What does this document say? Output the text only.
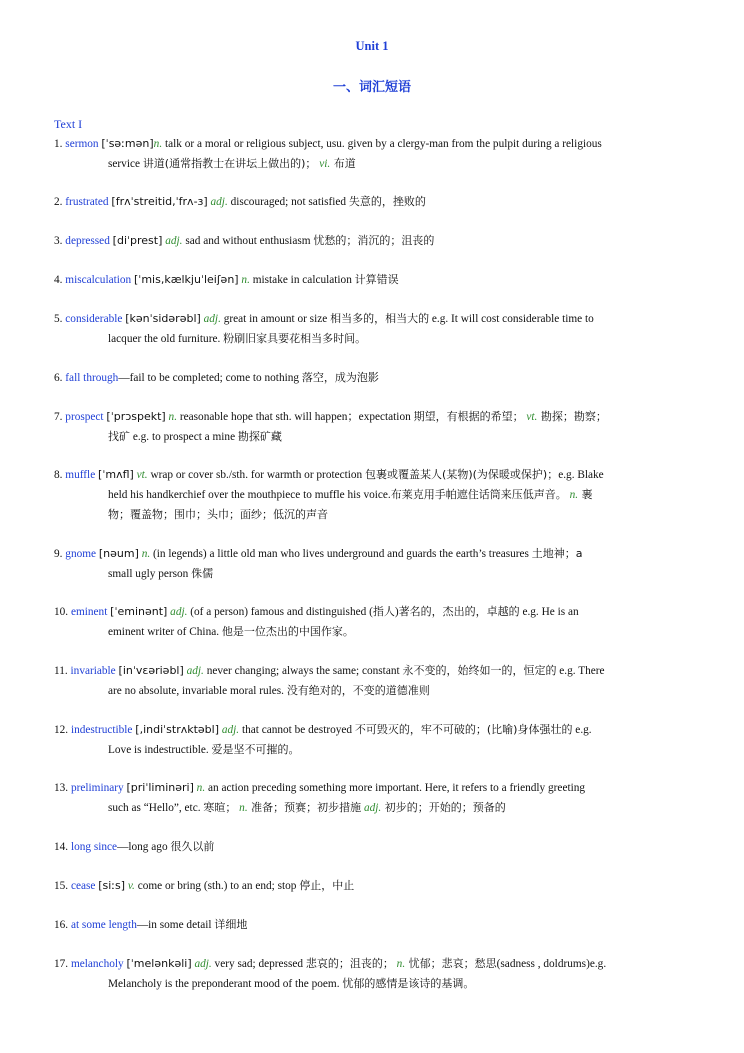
Unit 1
一、词汇短语
Text I
1. sermon [ˈsəːmən]n. talk or a moral or religious subject, usu. given by a clergy-man from the pulpit during a religious
service 讲道(通常指教士在讲坛上做出的)； vi. 布道
2. frustrated [frʌˈstreitid,ˈfrʌ-ɜ] adj. discouraged; not satisfied 失意的，挫败的
3. depressed [diˈprest] adj. sad and without enthusiasm 忧愁的；消沉的；沮丧的
4. miscalculation [ˈmis,kælkjuˈleiʃən] n. mistake in calculation 计算错误
5. considerable [kənˈsidərəbl] adj. great in amount or size 相当多的，相当大的 e.g. It will cost considerable time to
lacquer the old furniture. 粉刷旧家具要花相当多时间。
6. fall through—fail to be completed; come to nothing 落空，成为泡影
7. prospect [ˈprɔspekt] n. reasonable hope that sth. will happen；expectation 期望，有根据的希望； vt. 勘探；勘察；
找矿 e.g. to prospect a mine 勘探矿藏
8. muffle [ˈmʌfl] vt. wrap or cover sb./sth. for warmth or protection 包裹或覆盖某人(某物)(为保暖或保护)；e.g. Blake
held his handkerchief over the mouthpiece to muffle his voice.布莱克用手帕遮住话筒来压低声音。 n. 裹
物；覆盖物；围巾；头巾；面纱；低沉的声音
9. gnome [nəum] n. (in legends) a little old man who lives underground and guards the earth’s treasures 土地神；a
small ugly person 侏儒
10. eminent [ˈeminənt] adj. (of a person) famous and distinguished (指人)著名的，杰出的，卓越的 e.g. He is an
eminent writer of China. 他是一位杰出的中国作家。
11. invariable [inˈvɛəriəbl] adj. never changing; always the same; constant 永不变的，始终如一的，恒定的 e.g. There
are no absolute, invariable moral rules. 没有绝对的，不变的道德准则
12. indestructible [,indiˈstrʌktəbl] adj. that cannot be destroyed 不可毁灭的，牢不可破的；(比喻)身体强壮的 e.g.
Love is indestructible. 爱是坚不可摧的。
13. preliminary [priˈliminəri] n. an action preceding something more important. Here, it refers to a friendly greeting
such as “Hello”, etc. 寒暄； n. 准备；预赛；初步措施 adj. 初步的；开始的；预备的
14. long since—long ago 很久以前
15. cease [siːs] v. come or bring (sth.) to an end; stop 停止，中止
16. at some length—in some detail 详细地
17. melancholy [ˈmelənkəli] adj. very sad; depressed 悲哀的；沮丧的； n. 忧郁；悲哀；愁思(sadness , doldrums)e.g.
Melancholy is the preponderant mood of the poem. 忧郁的感情是该诗的基调。
